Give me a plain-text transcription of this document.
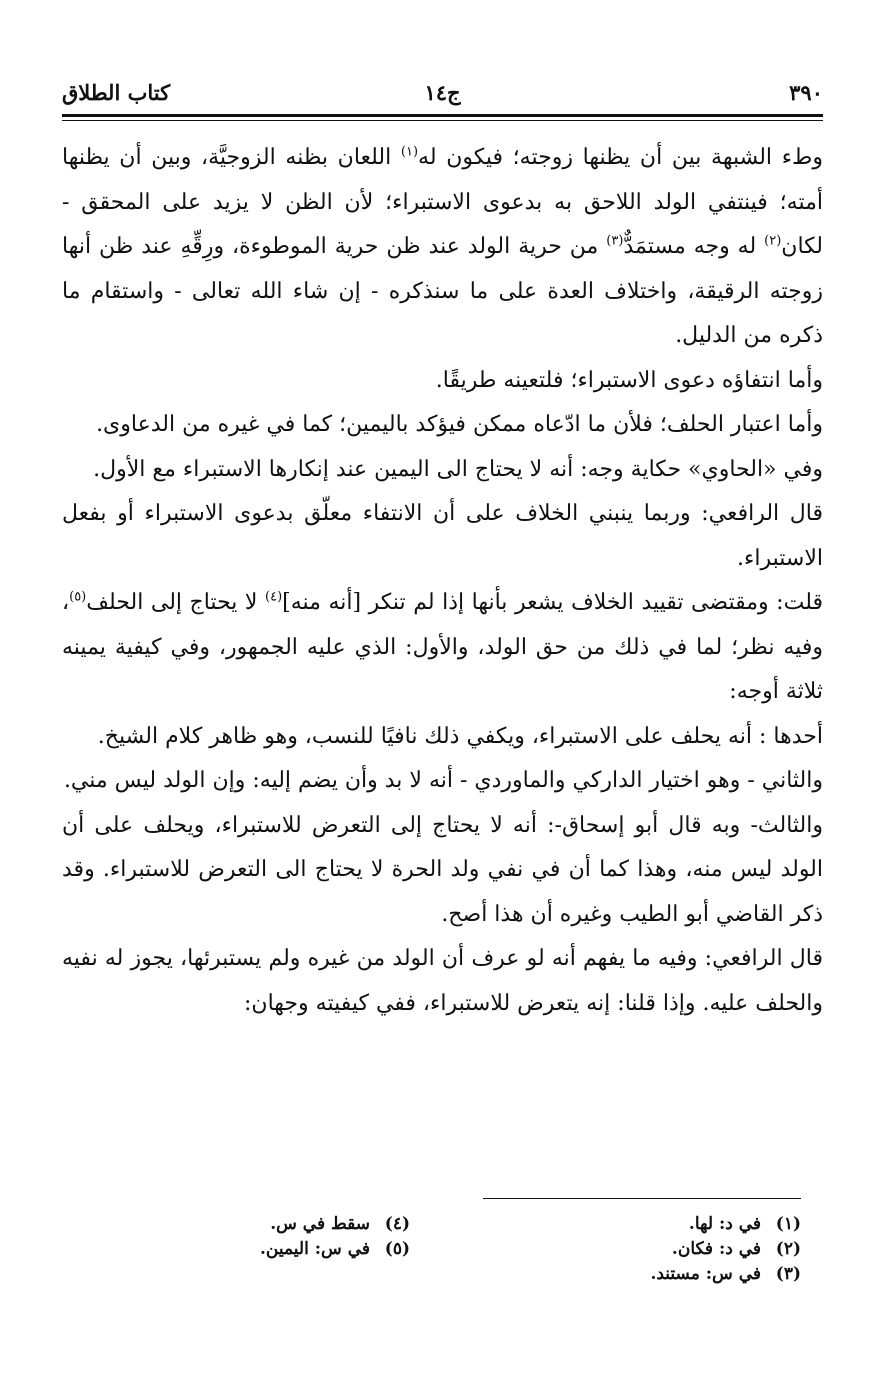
٣٩٠
ج١٤
كتاب الطلاق

وطء الشبهة بين أن يظنها زوجته؛ فيكون له$^{(١)}$ اللعان بظنه الزوجيَّة، وبين أن يظنها أمته؛ فينتفي الولد اللاحق به بدعوى الاستبراء؛ لأن الظن لا يزيد على المحقق - لكان$^{(٢)}$ له وجه مستمَدٌّ$^{(٣)}$ من حرية الولد عند ظن حرية الموطوءة، ورِقِّهِ عند ظن أنها زوجته الرقيقة، واختلاف العدة على ما سنذكره - إن شاء الله تعالى - واستقام ما ذكره من الدليل.

وأما انتفاؤه دعوى الاستبراء؛ فلتعينه طريقًا.

وأما اعتبار الحلف؛ فلأن ما ادّعاه ممكن فيؤكد باليمين؛ كما في غيره من الدعاوى.

وفي «الحاوي» حكاية وجه: أنه لا يحتاج الى اليمين عند إنكارها الاستبراء مع الأول.

قال الرافعي: وربما ينبني الخلاف على أن الانتفاء معلّق بدعوى الاستبراء أو بفعل الاستبراء.

قلت: ومقتضى تقييد الخلاف يشعر بأنها إذا لم تنكر [أنه منه]$^{(٤)}$ لا يحتاج إلى الحلف$^{(٥)}$، وفيه نظر؛ لما في ذلك من حق الولد، والأول: الذي عليه الجمهور، وفي كيفية يمينه ثلاثة أوجه:

أحدها : أنه يحلف على الاستبراء، ويكفي ذلك نافيًا للنسب، وهو ظاهر كلام الشيخ.

والثاني - وهو اختيار الداركي والماوردي - أنه لا بد وأن يضم إليه: وإن الولد ليس مني.

والثالث- وبه قال أبو إسحاق-: أنه لا يحتاج إلى التعرض للاستبراء، ويحلف على أن الولد ليس منه، وهذا كما أن في نفي ولد الحرة لا يحتاج الى التعرض للاستبراء. وقد ذكر القاضي أبو الطيب وغيره أن هذا أصح.

قال الرافعي: وفيه ما يفهم أنه لو عرف أن الولد من غيره ولم يستبرئها، يجوز له نفيه والحلف عليه. وإذا قلنا: إنه يتعرض للاستبراء، ففي كيفيته وجهان:

(١)
في د: لها.
(٢)
في د: فكان.
(٣)
في س: مستند.
(٤)
سقط في س.
(٥)
في س: اليمين.
